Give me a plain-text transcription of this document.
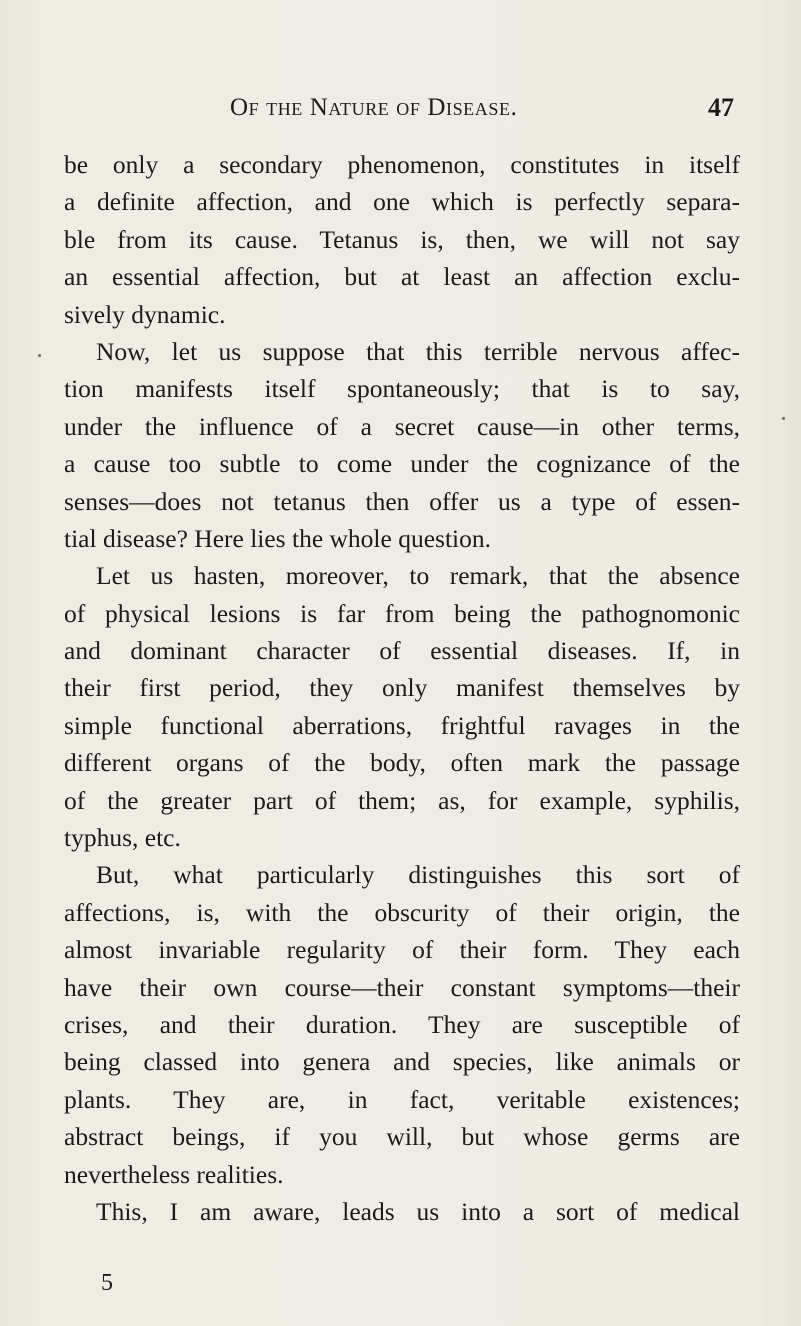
Of the Nature of Disease.	47
be only a secondary phenomenon, constitutes in itself
a definite affection, and one which is perfectly separa-
ble from its cause. Tetanus is, then, we will not say
an essential affection, but at least an affection exclu-
sively dynamic.
Now, let us suppose that this terrible nervous affec-
tion manifests itself spontaneously; that is to say,
under the influence of a secret cause—in other terms,
a cause too subtle to come under the cognizance of the
senses—does not tetanus then offer us a type of essen-
tial disease? Here lies the whole question.
Let us hasten, moreover, to remark, that the absence
of physical lesions is far from being the pathognomonic
and dominant character of essential diseases. If, in
their first period, they only manifest themselves by
simple functional aberrations, frightful ravages in the
different organs of the body, often mark the passage
of the greater part of them; as, for example, syphilis,
typhus, etc.
But, what particularly distinguishes this sort of
affections, is, with the obscurity of their origin, the
almost invariable regularity of their form. They each
have their own course—their constant symptoms—their
crises, and their duration. They are susceptible of
being classed into genera and species, like animals or
plants. They are, in fact, veritable existences;
abstract beings, if you will, but whose germs are
nevertheless realities.
This, I am aware, leads us into a sort of medical
5
